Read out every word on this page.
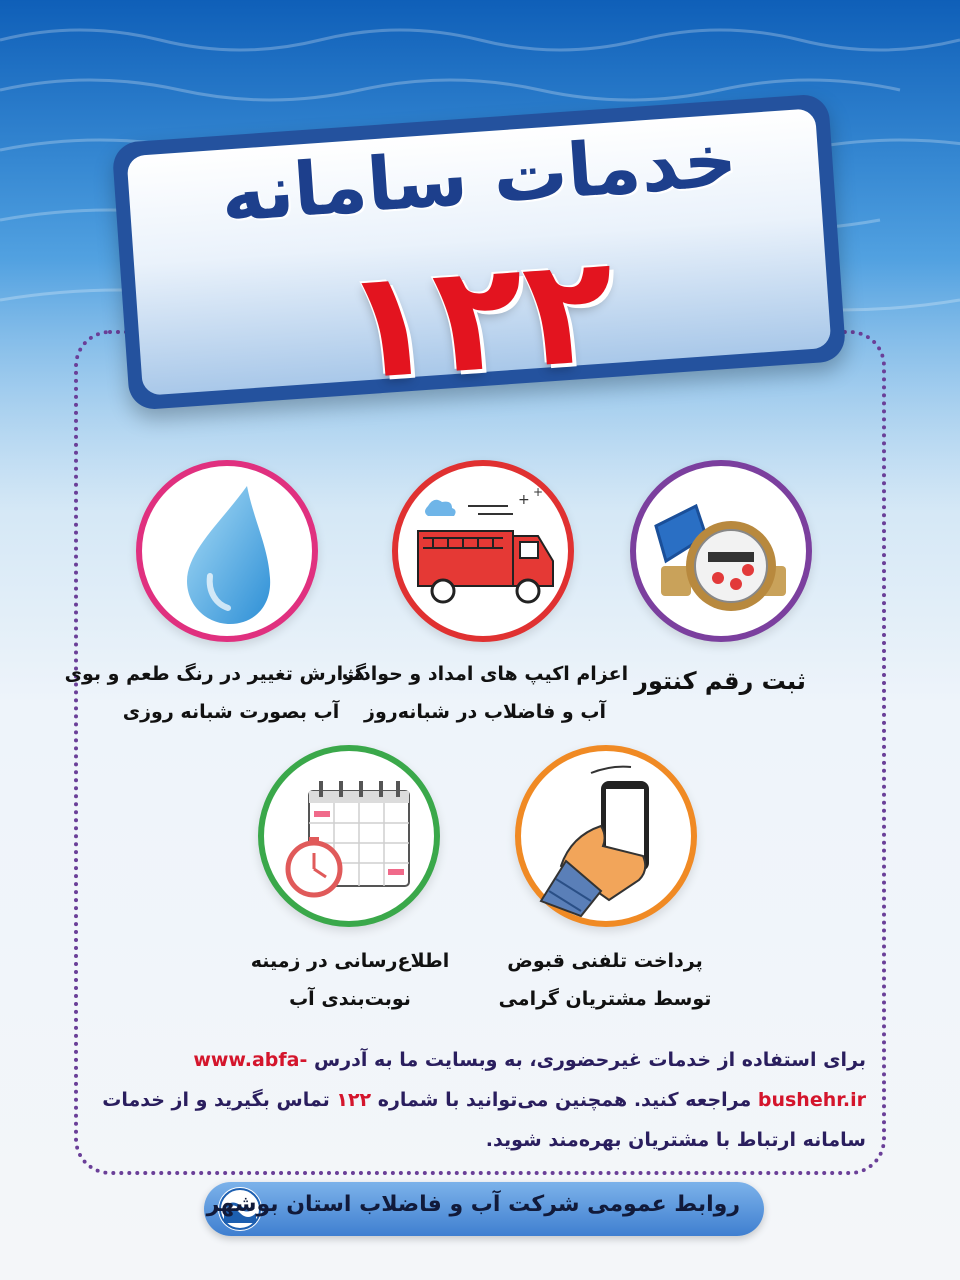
خدمات سامانه
۱۲۲
ثبت رقم کنتور
+ +
اعزام اکیپ های امداد و حوادث
آب و فاضلاب در شبانه‌روز
گزارش تغییر در رنگ طعم و بوی
آب بصورت شبانه روزی
پرداخت تلفنی قبوض
توسط مشتریان گرامی
اطلاع‌رسانی در زمینه
نوبت‌بندی آب
برای استفاده از خدمات غیرحضوری، به وبسایت ما به آدرس www.abfa-bushehr.ir مراجعه کنید. همچنین می‌توانید با شماره ۱۲۲ تماس بگیرید و از خدمات سامانه ارتباط با مشتریان بهره‌مند شوید.
روابط عمومی شرکت آب و فاضلاب استان بوشهر
